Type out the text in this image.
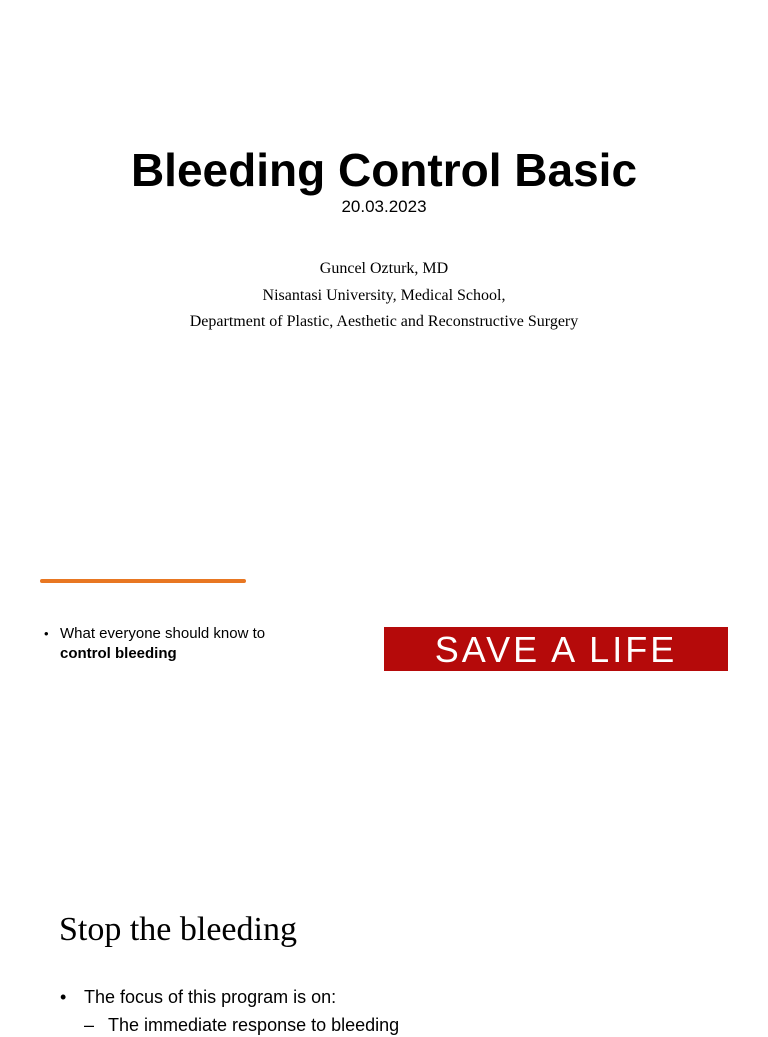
Bleeding Control Basic
20.03.2023
Guncel Ozturk, MD
Nisantasi University, Medical School,
Department of Plastic, Aesthetic and Reconstructive Surgery
• What everyone should know to
control bleeding	SAVE A LIFE
Stop the bleeding
• The focus of this program is on:
– The immediate response to bleeding
